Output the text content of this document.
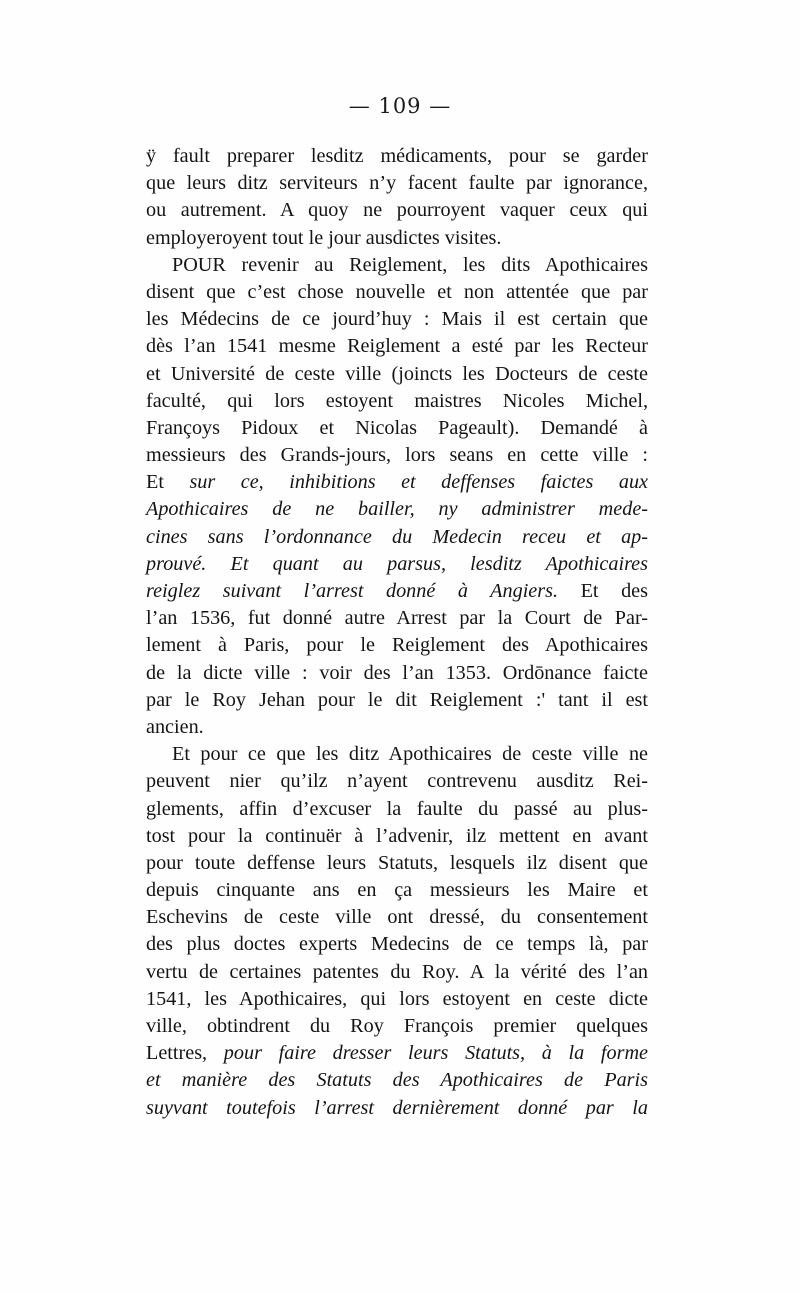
— 109 —
ÿ fault preparer lesditz médicaments, pour se garder
que leurs ditz serviteurs n’y facent faulte par ignorance,
ou autrement. A quoy ne pourroyent vaquer ceux qui
employeroyent tout le jour ausdictes visites.
POUR revenir au Reiglement, les dits Apothicaires
disent que c’est chose nouvelle et non attentée que par
les Médecins de ce jourd’huy : Mais il est certain que
dès l’an 1541 mesme Reiglement a esté par les Recteur
et Université de ceste ville (joincts les Docteurs de ceste
faculté, qui lors estoyent maistres Nicoles Michel,
Françoys Pidoux et Nicolas Pageault). Demandé à
messieurs des Grands-jours, lors seans en cette ville :
Et sur ce, inhibitions et deffenses faictes aux
Apothicaires de ne bailler, ny administrer mede-
cines sans l’ordonnance du Medecin receu et ap-
prouvé. Et quant au parsus, lesditz Apothicaires
reiglez suivant l’arrest donné à Angiers. Et des
l’an 1536, fut donné autre Arrest par la Court de Par-
lement à Paris, pour le Reiglement des Apothicaires
de la dicte ville : voir des l’an 1353. Ordōnance faicte
par le Roy Jehan pour le dit Reiglement :' tant il est
ancien.
Et pour ce que les ditz Apothicaires de ceste ville ne
peuvent nier qu’ilz n’ayent contrevenu ausditz Rei-
glements, affin d’excuser la faulte du passé au plus-
tost pour la continuër à l’advenir, ilz mettent en avant
pour toute deffense leurs Statuts, lesquels ilz disent que
depuis cinquante ans en ça messieurs les Maire et
Eschevins de ceste ville ont dressé, du consentement
des plus doctes experts Medecins de ce temps là, par
vertu de certaines patentes du Roy. A la vérité des l’an
1541, les Apothicaires, qui lors estoyent en ceste dicte
ville, obtindrent du Roy François premier quelques
Lettres, pour faire dresser leurs Statuts, à la forme
et manière des Statuts des Apothicaires de Paris
suyvant toutefois l’arrest dernièrement donné par la
